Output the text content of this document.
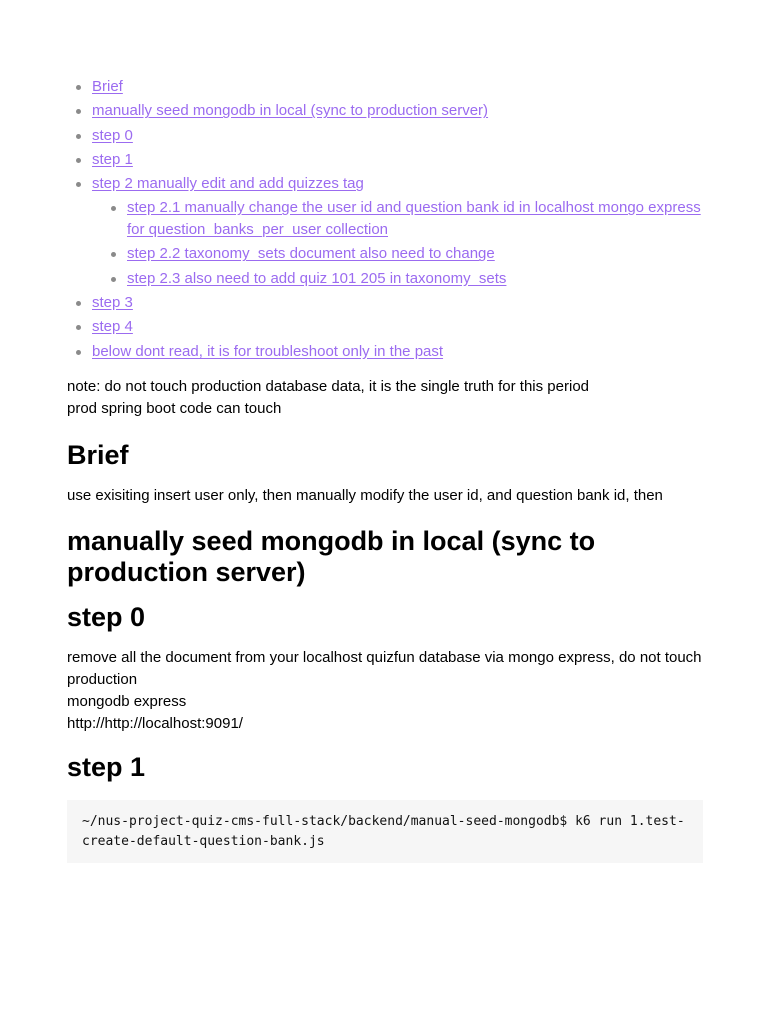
Brief
manually seed mongodb in local (sync to production server)
step 0
step 1
step 2 manually edit and add quizzes tag
step 2.1 manually change the user id and question bank id in localhost mongo express for question_banks_per_user collection
step 2.2 taxonomy_sets document also need to change
step 2.3 also need to add quiz 101 205 in taxonomy_sets
step 3
step 4
below dont read, it is for troubleshoot only in the past
note: do not touch production database data, it is the single truth for this period
prod spring boot code can touch
Brief

use exisiting insert user only, then manually modify the user id, and question bank id, then

manually seed mongodb in local (sync to production server)
step 0

remove all the document from your localhost quizfun database via mongo express, do not touch production

mongodb express

http://http://localhost:9091/

step 1
~/nus-project-quiz-cms-full-stack/backend/manual-seed-mongodb$ k6 run 1.test-create-default-question-bank.js
